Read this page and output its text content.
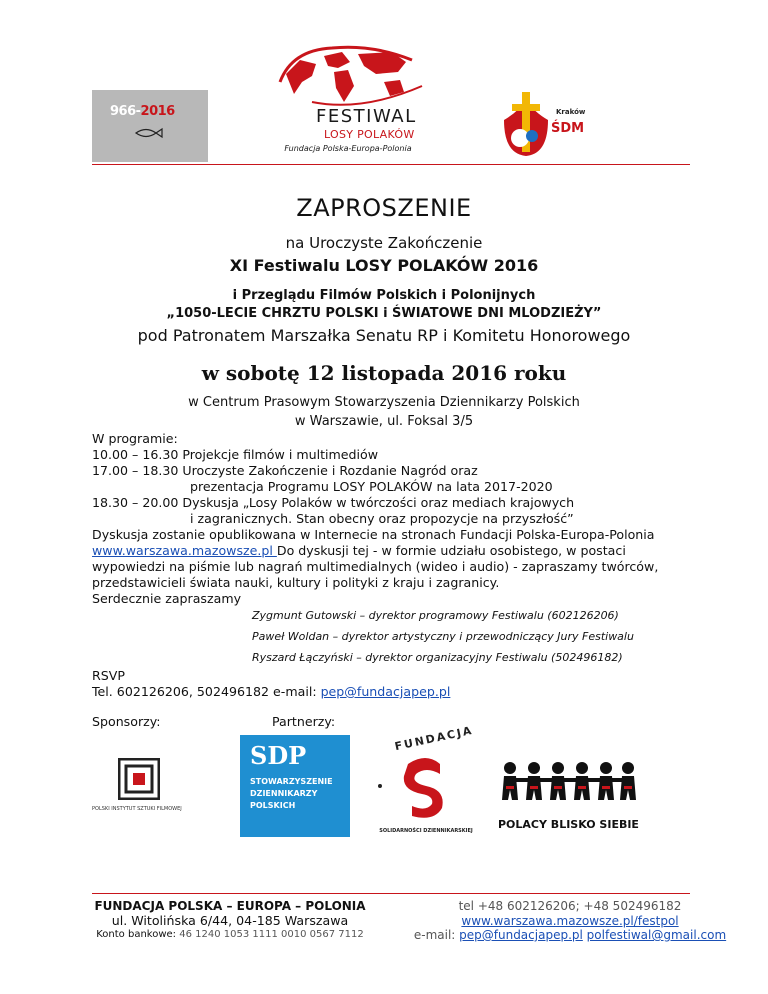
966-2016	FESTIWAL
LOSY POLAKÓW
Fundacja Polska-Europa-Polonia
Kraków
ŚDM
ZAPROSZENIE
na Uroczyste Zakończenie
XI Festiwalu LOSY POLAKÓW 2016
i Przeglądu Filmów Polskich i Polonijnych
„1050-LECIE CHRZTU POLSKI i ŚWIATOWE DNI MLODZIEŻY”
pod Patronatem Marszałka Senatu RP i Komitetu Honorowego
w sobotę 12 listopada 2016 roku
w Centrum Prasowym Stowarzyszenia Dziennikarzy Polskich
w Warszawie, ul. Foksal 3/5
W programie:
10.00 – 16.30 Projekcje filmów i multimediów
17.00 – 18.30 Uroczyste Zakończenie i Rozdanie Nagród oraz
prezentacja Programu LOSY POLAKÓW na lata 2017-2020
18.30 – 20.00 Dyskusja „Losy Polaków w twórczości oraz mediach krajowych
i zagranicznych. Stan obecny oraz propozycje na przyszłość”
Dyskusja zostanie opublikowana w Internecie na stronach Fundacji Polska-Europa-Polonia
www.warszawa.mazowsze.pl Do dyskusji tej - w formie udziału osobistego, w postaci
wypowiedzi na piśmie lub nagrań multimedialnych (wideo i audio) - zapraszamy twórców,
przedstawicieli świata nauki, kultury i polityki z kraju i zagranicy.
Serdecznie zapraszamy
Zygmunt Gutowski – dyrektor programowy Festiwalu (602126206)
Paweł Woldan – dyrektor artystyczny i przewodniczący Jury Festiwalu
Ryszard Łączyński – dyrektor organizacyjny Festiwalu (502496182)
RSVP
Tel. 602126206, 502496182 e-mail: pep@fundacjapep.pl
Sponsorzy:	Partnerzy:
POLSKI INSTYTUT SZTUKI FILMOWEJ
SDP
STOWARZYSZENIE
DZIENNIKARZY
POLSKICH
FUNDACJA
SOLIDARNOŚCI DZIENNIKARSKIEJ	POLACY BLISKO SIEBIE
FUNDACJA POLSKA – EUROPA – POLONIA
ul. Witolińska 6/44, 04-185 Warszawa
Konto bankowe: 46 1240 1053 1111 0010 0567 7112
tel +48 602126206; +48 502496182
www.warszawa.mazowsze.pl/festpol
e-mail: pep@fundacjapep.pl polfestiwal@gmail.com
